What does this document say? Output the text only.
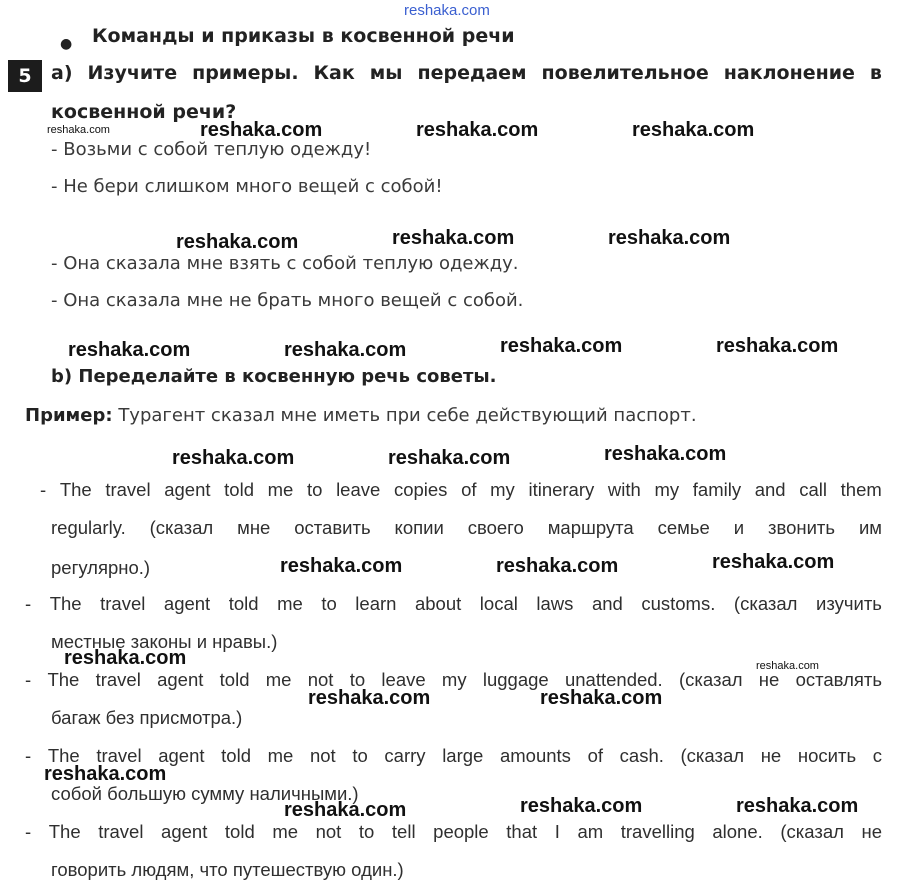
reshaka.com
● Команды и приказы в косвенной речи
5	a) Изучите примеры. Как мы передаем повелительное наклонение в
косвенной речи?
- Возьми с собой теплую одежду!
- Не бери слишком много вещей с собой!
- Она сказала мне взять с собой теплую одежду.
- Она сказала мне не брать много вещей с собой.
b) Переделайте в косвенную речь советы.
Пример: Турагент сказал мне иметь при себе действующий паспорт.
- The travel agent told me to leave copies of my itinerary with my family and call them
regularly. (сказал мне оставить копии своего маршрута семье и звонить им
регулярно.)
- The travel agent told me to learn about local laws and customs. (сказал изучить
местные законы и нравы.)
- The travel agent told me not to leave my luggage unattended. (сказал не оставлять
багаж без присмотра.)
- The travel agent told me not to carry large amounts of cash. (сказал не носить с
собой большую сумму наличными.)
- The travel agent told me not to tell people that I am travelling alone. (сказал не
говорить людям, что путешествую один.)
reshaka.com	reshaka.com	reshaka.com	reshaka.com
reshaka.com	reshaka.com	reshaka.com
reshaka.com	reshaka.com	reshaka.com	reshaka.com
reshaka.com	reshaka.com	reshaka.com
reshaka.com	reshaka.com	reshaka.com
reshaka.com	reshaka.com
reshaka.com	reshaka.com
reshaka.com
reshaka.com	reshaka.com	reshaka.com
